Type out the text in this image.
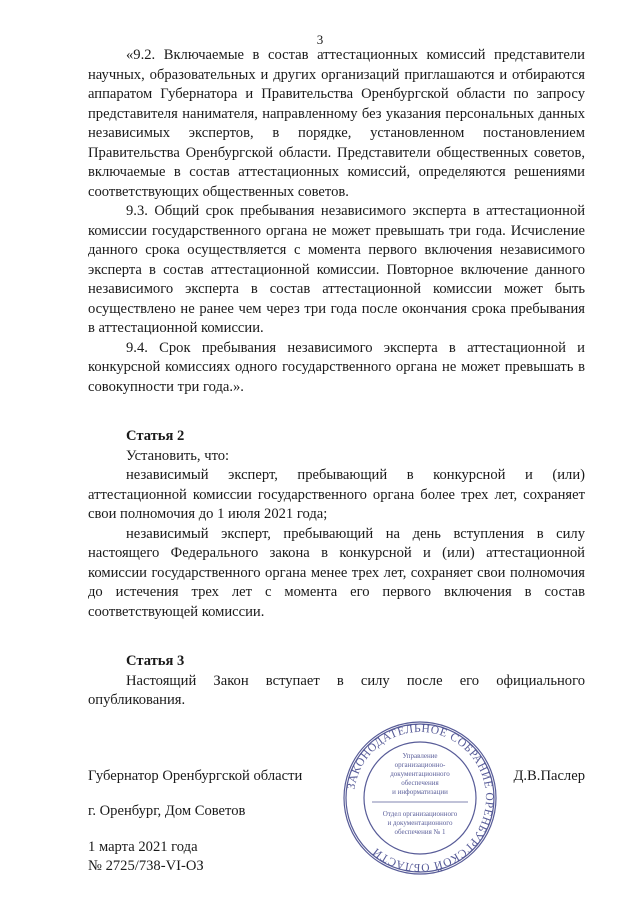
3

«9.2. Включаемые в состав аттестационных комиссий представители научных, образовательных и других организаций приглашаются и отбираются аппаратом Губернатора и Правительства Оренбургской области по запросу представителя нанимателя, направленному без указания персональных данных независимых экспертов, в порядке, установленном постановлением Правительства Оренбургской области. Представители общественных советов, включаемые в состав аттестационных комиссий, определяются решениями соответствующих общественных советов.

9.3. Общий срок пребывания независимого эксперта в аттестационной комиссии государственного органа не может превышать три года. Исчисление данного срока осуществляется с момента первого включения независимого эксперта в состав аттестационной комиссии. Повторное включение данного независимого эксперта в состав аттестационной комиссии может быть осуществлено не ранее чем через три года после окончания срока пребывания в аттестационной комиссии.

9.4. Срок пребывания независимого эксперта в аттестационной и конкурсной комиссиях одного государственного органа не может превышать в совокупности три года.».

Статья 2

Установить, что:

независимый эксперт, пребывающий в конкурсной и (или) аттестационной комиссии государственного органа более трех лет, сохраняет свои полномочия до 1 июля 2021 года;

независимый эксперт, пребывающий на день вступления в силу настоящего Федерального закона в конкурсной и (или) аттестационной комиссии государственного органа менее трех лет, сохраняет свои полномочия до истечения трех лет с момента его первого включения в состав соответствующей комиссии.

Статья 3

Настоящий Закон вступает в силу после его официального опубликования.

Губернатор Оренбургской области	Д.В.Паслер
г. Оренбург, Дом Советов
1 марта 2021 года
№ 2725/738-VI-ОЗ
ЗАКОНОДАТЕЛЬНОЕ СОБРАНИЕ ОРЕНБУРГСКОЙ ОБЛАСТИ
Управление
организационно-
документационного
обеспечения
и информатизации
Отдел организационного
и документационного
обеспечения № 1
